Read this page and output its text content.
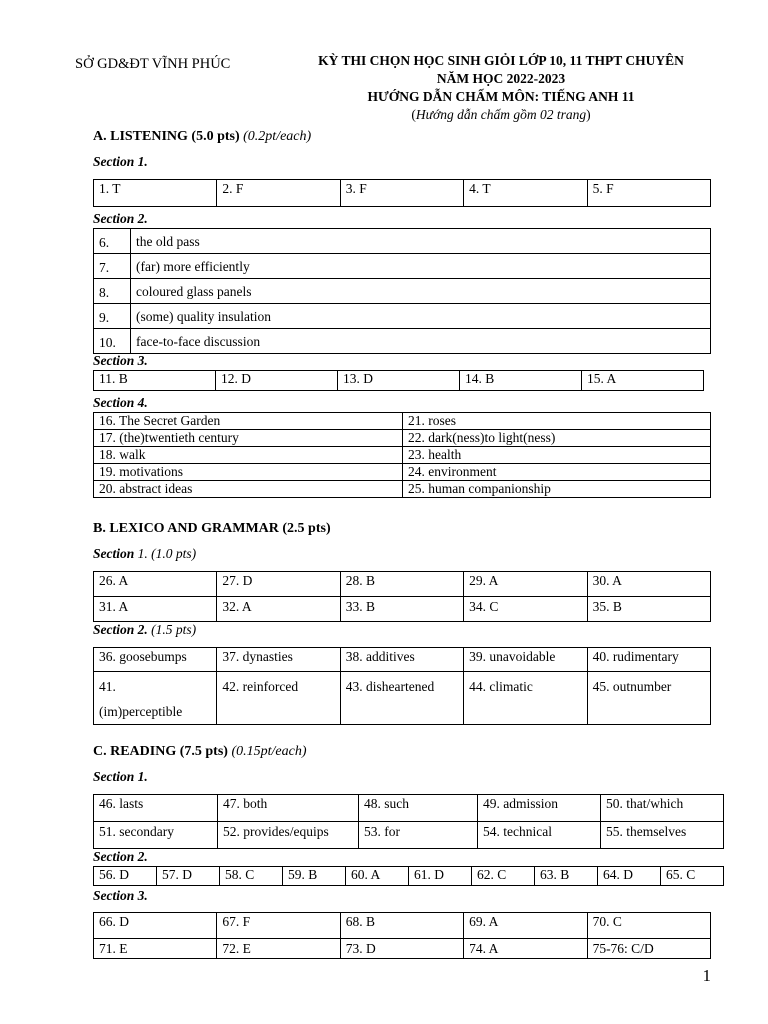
SỞ GD&ĐT VĨNH PHÚC	KỲ THI CHỌN HỌC SINH GIỎI LỚP 10, 11 THPT CHUYÊN
NĂM HỌC 2022-2023
HƯỚNG DẪN CHẤM MÔN: TIẾNG ANH 11
(Hướng dẫn chấm gồm 02 trang)
A. LISTENING (5.0 pts) (0.2pt/each)
Section 1.
1. T	2. F	3. F	4. T	5. F
Section 2.
6.	the old pass
7.	(far) more efficiently
8.	coloured glass panels
9.	(some) quality insulation
10.	face-to-face discussion
Section 3.
11. B	12. D	13. D	14. B	15. A
Section 4.
16. The Secret Garden	21. roses
17. (the)twentieth century	22. dark(ness)to light(ness)
18. walk	23. health
19. motivations	24. environment
20. abstract ideas	25. human companionship
B. LEXICO AND GRAMMAR (2.5 pts)
Section 1. (1.0 pts)
26. A	27. D	28. B	29. A	30. A
31. A	32. A	33. B	34. C	35. B
Section 2. (1.5 pts)
36. goosebumps	37. dynasties	38. additives	39. unavoidable	40. rudimentary

41.
(im)perceptible	42. reinforced	43. disheartened	44. climatic	45. outnumber
C. READING (7.5 pts) (0.15pt/each)
Section 1.
46. lasts	47. both	48. such	49. admission	50. that/which
51. secondary	52. provides/equips	53. for	54. technical	55. themselves
Section 2.
56. D	57. D	58. C	59. B	60. A	61. D	62. C	63. B	64. D	65. C
Section 3.
66. D	67. F	68. B	69. A	70. C
71. E	72. E	73. D	74. A	75-76: C/D
1
